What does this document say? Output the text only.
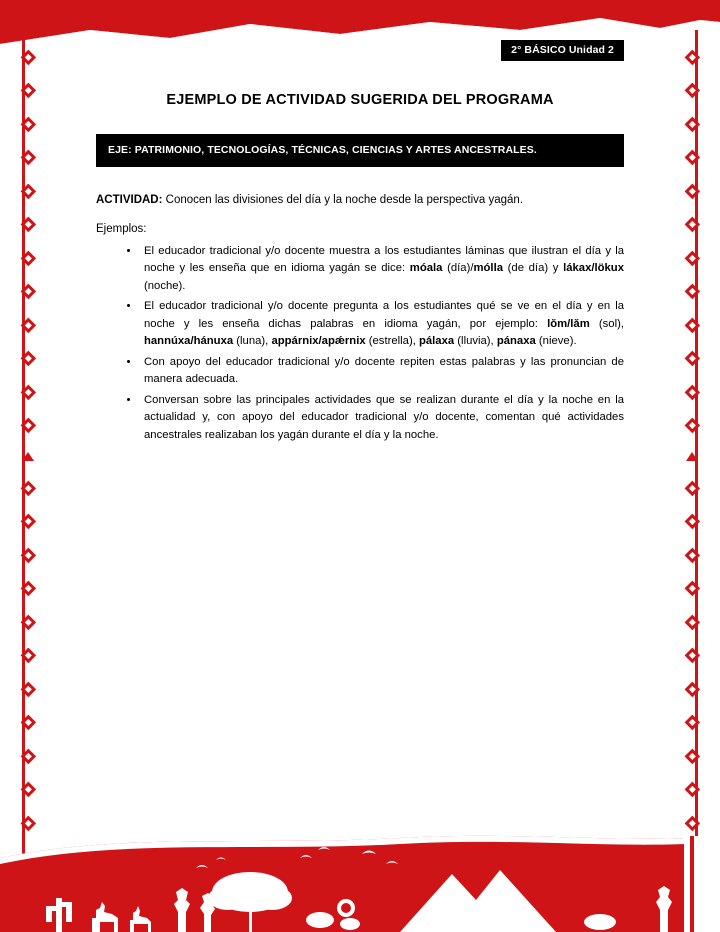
2° BÁSICO Unidad 2
EJEMPLO DE ACTIVIDAD SUGERIDA DEL PROGRAMA
EJE: PATRIMONIO, TECNOLOGÍAS, TÉCNICAS, CIENCIAS Y ARTES ANCESTRALES.
ACTIVIDAD: Conocen las divisiones del día y la noche desde la perspectiva yagán.
Ejemplos:
• El educador tradicional y/o docente muestra a los estudiantes láminas que ilustran el día y la noche y les enseña que en idioma yagán se dice: móala (día)/mólla (de día) y lákax/lökux (noche).
• El educador tradicional y/o docente pregunta a los estudiantes qué se ve en el día y en la noche y les enseña dichas palabras en idioma yagán, por ejemplo: lŏm/lăm (sol), hannúxa/hánuxa (luna), appárnix/apǽrnix (estrella), pálaxa (lluvia), pánaxa (nieve).
• Con apoyo del educador tradicional y/o docente repiten estas palabras y las pronuncian de manera adecuada.
• Conversan sobre las principales actividades que se realizan durante el día y la noche en la actualidad y, con apoyo del educador tradicional y/o docente, comentan qué actividades ancestrales realizaban los yagán durante el día y la noche.
